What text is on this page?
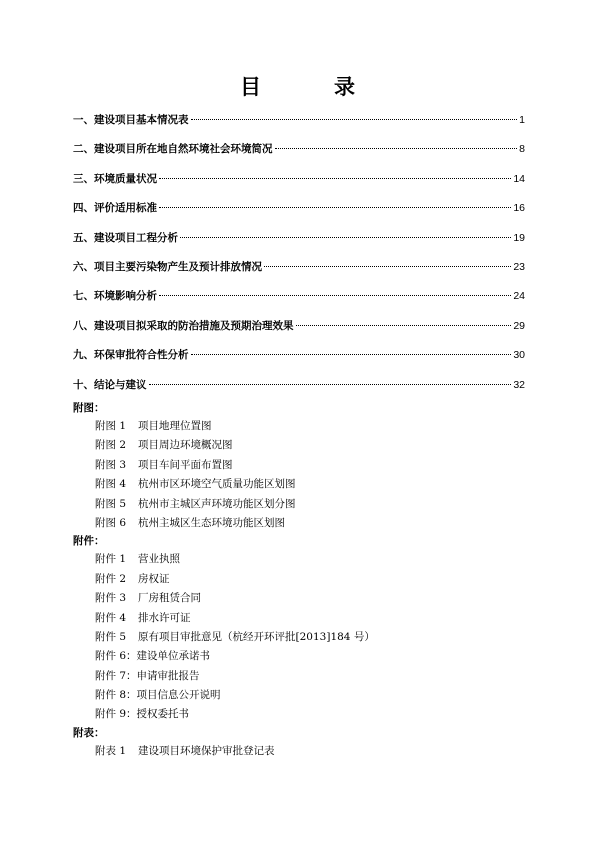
目　录
一、建设项目基本情况表	1
二、建设项目所在地自然环境社会环境简况	8
三、环境质量状况	14
四、评价适用标准	16
五、建设项目工程分析	19
六、项目主要污染物产生及预计排放情况	23
七、环境影响分析	24
八、建设项目拟采取的防治措施及预期治理效果	29
九、环保审批符合性分析	30
十、结论与建议	32
附图：
附图 1 项目地理位置图
附图 2 项目周边环境概况图
附图 3 项目车间平面布置图
附图 4 杭州市区环境空气质量功能区划图
附图 5 杭州市主城区声环境功能区划分图
附图 6 杭州主城区生态环境功能区划图
附件：
附件 1 营业执照
附件 2 房权证
附件 3 厂房租赁合同
附件 4 排水许可证
附件 5 原有项目审批意见（杭经开环评批[2013]184 号）
附件 6： 建设单位承诺书
附件 7： 申请审批报告
附件 8： 项目信息公开说明
附件 9： 授权委托书
附表：
附表 1 建设项目环境保护审批登记表
